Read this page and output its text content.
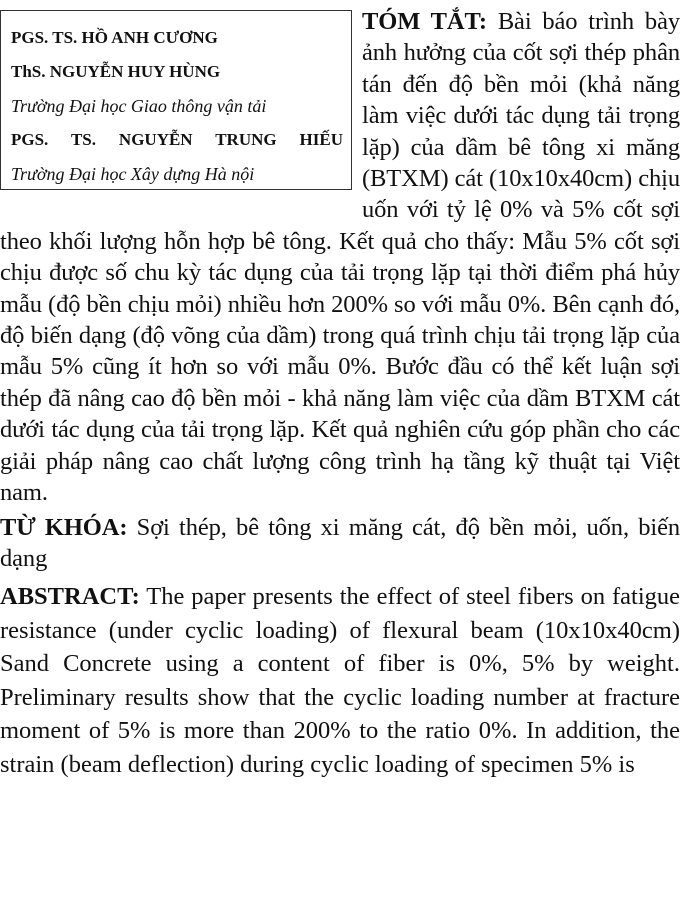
PGS. TS. HỒ ANH CƯƠNG
ThS. NGUYỄN HUY HÙNG
Trường Đại học Giao thông vận tải
PGS. TS. NGUYỄN TRUNG HIẾU
Trường Đại học Xây dựng Hà nội

TÓM TẮT: Bài báo trình bày ảnh hưởng của cốt sợi thép phân tán đến độ bền mỏi (khả năng làm việc dưới tác dụng tải trọng lặp) của dầm bê tông xi măng (BTXM) cát (10x10x40cm) chịu uốn với tỷ lệ 0% và 5% cốt sợi theo khối lượng hỗn hợp bê tông. Kết quả cho thấy: Mẫu 5% cốt sợi chịu được số chu kỳ tác dụng của tải trọng lặp tại thời điểm phá hủy mẫu (độ bền chịu mỏi) nhiều hơn 200% so với mẫu 0%. Bên cạnh đó, độ biến dạng (độ võng của dầm) trong quá trình chịu tải trọng lặp của mẫu 5% cũng ít hơn so với mẫu 0%. Bước đầu có thể kết luận sợi thép đã nâng cao độ bền mỏi - khả năng làm việc của dầm BTXM cát dưới tác dụng của tải trọng lặp. Kết quả nghiên cứu góp phần cho các giải pháp nâng cao chất lượng công trình hạ tầng kỹ thuật tại Việt nam.

TỪ KHÓA: Sợi thép, bê tông xi măng cát, độ bền mỏi, uốn, biến dạng

ABSTRACT: The paper presents the effect of steel fibers on fatigue resistance (under cyclic loading) of flexural beam (10x10x40cm) Sand Concrete using a content of fiber is 0%, 5% by weight. Preliminary results show that the cyclic loading number at fracture moment of 5% is more than 200% to the ratio 0%. In addition, the strain (beam deflection) during cyclic loading of specimen 5% is
